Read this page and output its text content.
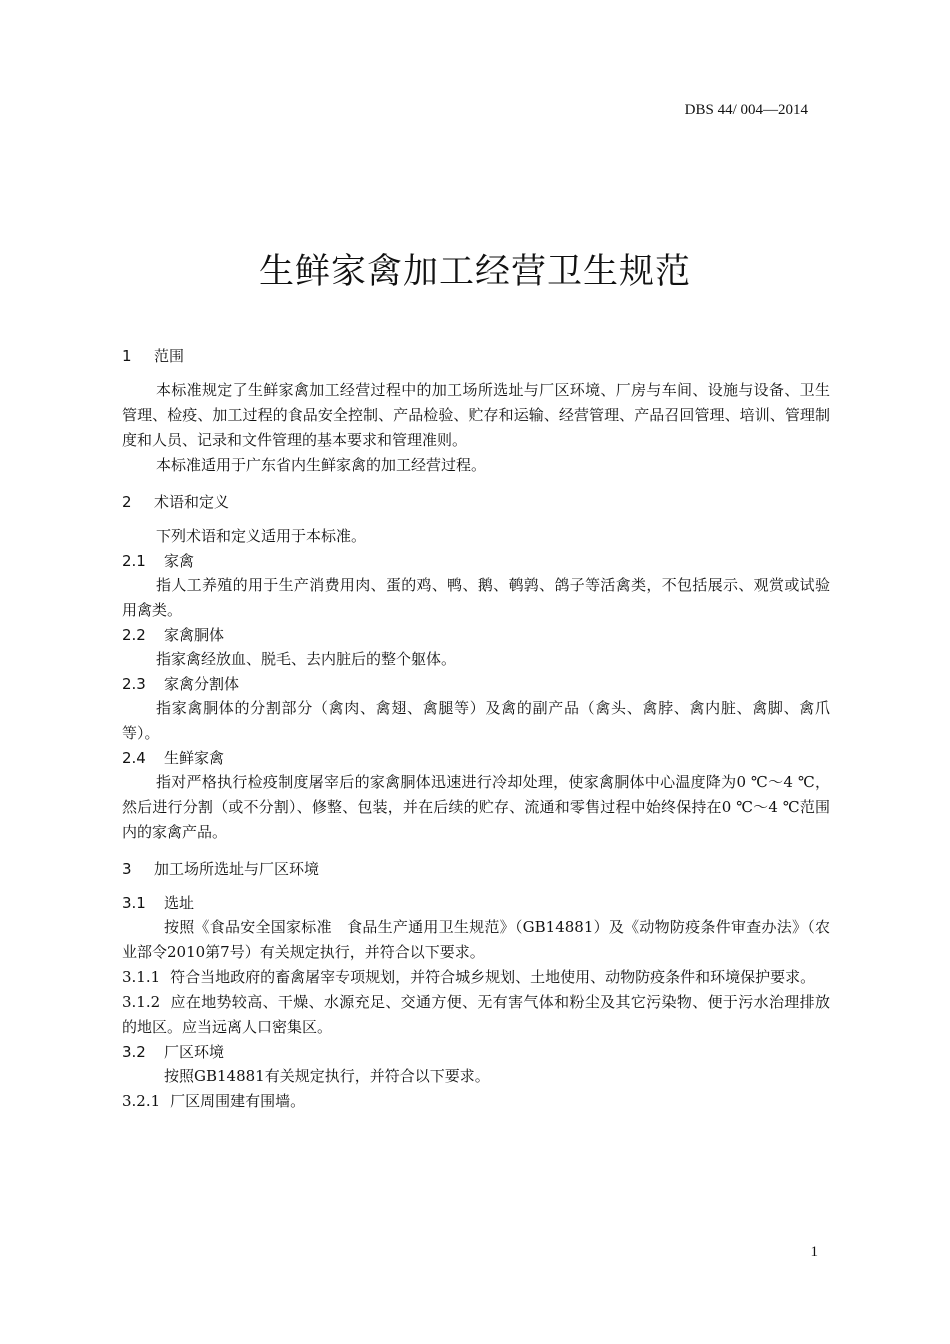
DBS 44/ 004—2014
生鲜家禽加工经营卫生规范
1 范围

本标准规定了生鲜家禽加工经营过程中的加工场所选址与厂区环境、厂房与车间、设施与设备、卫生管理、检疫、加工过程的食品安全控制、产品检验、贮存和运输、经营管理、产品召回管理、培训、管理制度和人员、记录和文件管理的基本要求和管理准则。

本标准适用于广东省内生鲜家禽的加工经营过程。

2 术语和定义

下列术语和定义适用于本标准。

2.1 家禽

指人工养殖的用于生产消费用肉、蛋的鸡、鸭、鹅、鹌鹑、鸽子等活禽类，不包括展示、观赏或试验用禽类。

2.2 家禽胴体

指家禽经放血、脱毛、去内脏后的整个躯体。

2.3 家禽分割体

指家禽胴体的分割部分（禽肉、禽翅、禽腿等）及禽的副产品（禽头、禽脖、禽内脏、禽脚、禽爪等）。

2.4 生鲜家禽

指对严格执行检疫制度屠宰后的家禽胴体迅速进行冷却处理，使家禽胴体中心温度降为0 ℃～4 ℃，然后进行分割（或不分割）、修整、包装，并在后续的贮存、流通和零售过程中始终保持在0 ℃～4 ℃范围内的家禽产品。

3 加工场所选址与厂区环境
3.1 选址

按照《食品安全国家标准　食品生产通用卫生规范》（GB14881）及《动物防疫条件审查办法》（农业部令2010第7号）有关规定执行，并符合以下要求。

3.1.1 符合当地政府的畜禽屠宰专项规划，并符合城乡规划、土地使用、动物防疫条件和环境保护要求。

3.1.2 应在地势较高、干燥、水源充足、交通方便、无有害气体和粉尘及其它污染物、便于污水治理排放的地区。应当远离人口密集区。

3.2 厂区环境

按照GB14881有关规定执行，并符合以下要求。

3.2.1 厂区周围建有围墙。

1
